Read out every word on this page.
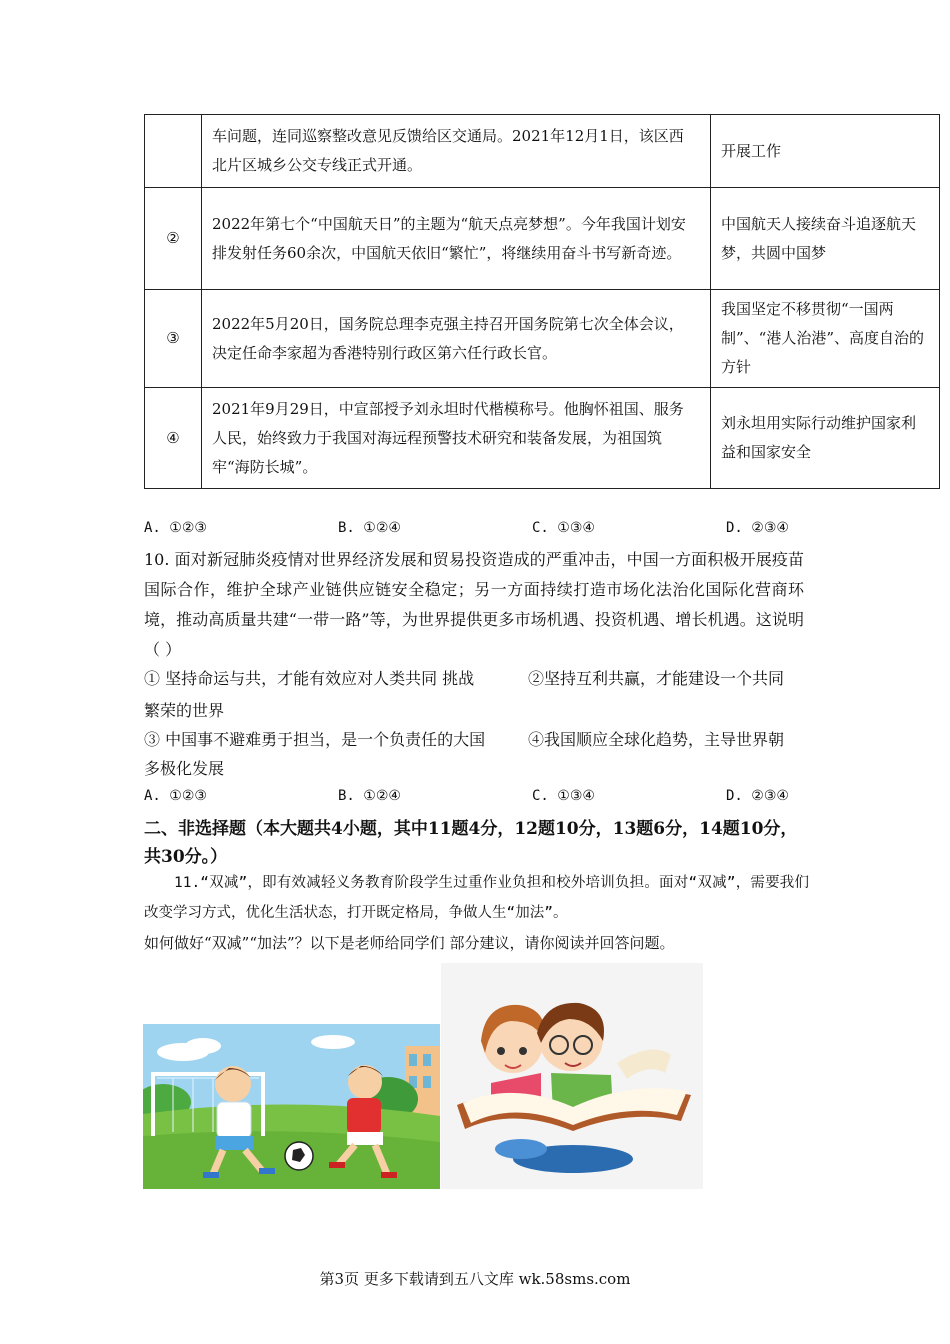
	车问题，连同巡察整改意见反馈给区交通局。2021年12月1日，该区西北片区城乡公交专线正式开通。	开展工作
②	2022年第七个“中国航天日”的主题为“航天点亮梦想”。今年我国计划安排发射任务60余次，中国航天依旧“繁忙”，将继续用奋斗书写新奇迹。	中国航天人接续奋斗追逐航天梦，共圆中国梦
③	2022年5月20日，国务院总理李克强主持召开国务院第七次全体会议，决定任命李家超为香港特别行政区第六任行政长官。	我国坚定不移贯彻“一国两制”、“港人治港”、高度自治的方针
④	2021年9月29日，中宣部授予刘永坦时代楷模称号。他胸怀祖国、服务人民，始终致力于我国对海远程预警技术研究和装备发展，为祖国筑牢“海防长城”。	刘永坦用实际行动维护国家利益和国家安全
A. ①②③	B. ①②④	C. ①③④	D. ②③④
10. 面对新冠肺炎疫情对世界经济发展和贸易投资造成的严重冲击，中国一方面积极开展疫苗国际合作，维护全球产业链供应链安全稳定；另一方面持续打造市场化法治化国际化营商环境，推动高质量共建“一带一路”等，为世界提供更多市场机遇、投资机遇、增长机遇。这说明（ ）
① 坚持命运与共，才能有效应对人类共同 挑战	②坚持互利共赢，才能建设一个共同
繁荣的世界
③ 中国事不避难勇于担当，是一个负责任的大国	④我国顺应全球化趋势，主导世界朝
多极化发展
A. ①②③	B. ①②④	C. ①③④	D. ②③④
二、非选择题（本大题共4小题，其中11题4分，12题10分，13题6分，14题10分，共30分。）
11.“双减”，即有效减轻义务教育阶段学生过重作业负担和校外培训负担。面对“双减”，需要我们改变学习方式，优化生活状态，打开既定格局，争做人生“加法”。
如何做好“双减”“加法”？以下是老师给同学们 部分建议，请你阅读并回答问题。
第3页 更多下载请到五八文库 wk.58sms.com
